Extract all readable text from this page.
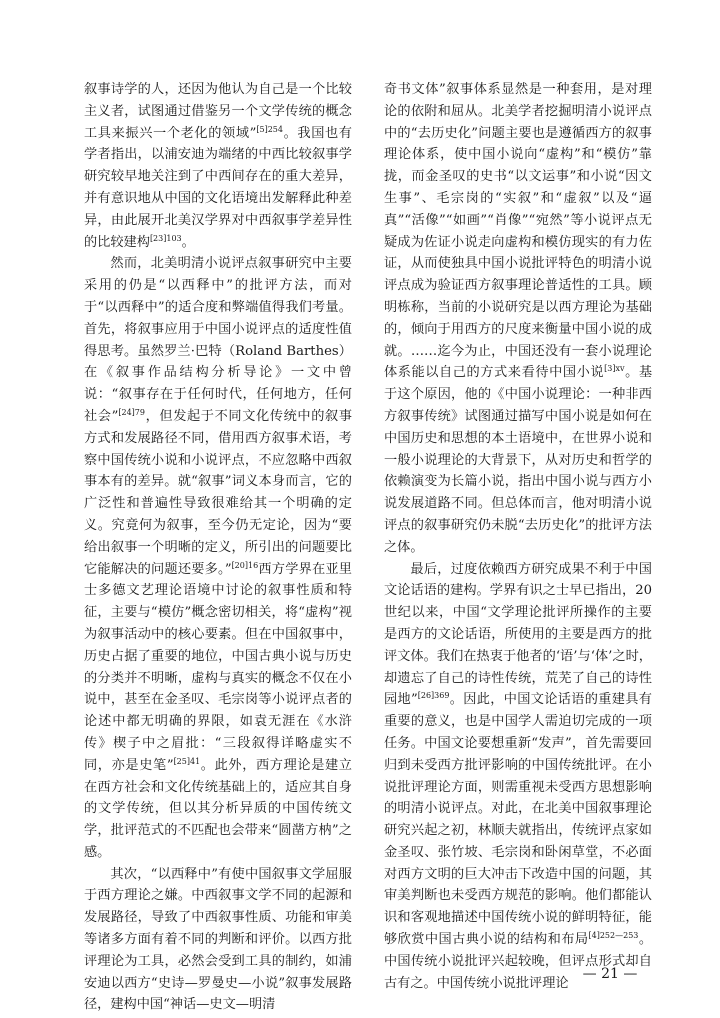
叙事诗学的人，还因为他认为自己是一个比较主义者，试图通过借鉴另一个文学传统的概念工具来振兴一个老化的领域”$^{[5]254}$。我国也有学者指出，以浦安迪为端绪的中西比较叙事学研究较早地关注到了中西间存在的重大差异，并有意识地从中国的文化语境出发解释此种差异，由此展开北美汉学界对中西叙事学差异性的比较建构$^{[23]103}$。

然而，北美明清小说评点叙事研究中主要采用的仍是“以西释中”的批评方法，而对于“以西释中”的适合度和弊端值得我们考量。首先，将叙事应用于中国小说评点的适度性值得思考。虽然罗兰·巴特（Roland Barthes）在《叙事作品结构分析导论》一文中曾说：“叙事存在于任何时代，任何地方，任何社会”$^{[24]79}$，但发起于不同文化传统中的叙事方式和发展路径不同，借用西方叙事术语，考察中国传统小说和小说评点，不应忽略中西叙事本有的差异。就“叙事”词义本身而言，它的广泛性和普遍性导致很难给其一个明确的定义。究竟何为叙事，至今仍无定论，因为“要给出叙事一个明晰的定义，所引出的问题要比它能解决的问题还要多。”$^{[20]16}$西方学界在亚里士多德文艺理论语境中讨论的叙事性质和特征，主要与“模仿”概念密切相关，将“虚构”视为叙事活动中的核心要素。但在中国叙事中，历史占据了重要的地位，中国古典小说与历史的分类并不明晰，虚构与真实的概念不仅在小说中，甚至在金圣叹、毛宗岗等小说评点者的论述中都无明确的界限，如袁无涯在《水浒传》楔子中之眉批：“三段叙得详略虚实不同，亦是史笔”$^{[25]41}$。此外，西方理论是建立在西方社会和文化传统基础上的，适应其自身的文学传统，但以其分析异质的中国传统文学，批评范式的不匹配也会带来“圆凿方枘”之感。

其次，“以西释中”有使中国叙事文学屈服于西方理论之嫌。中西叙事文学不同的起源和发展路径，导致了中西叙事性质、功能和审美等诸多方面有着不同的判断和评价。以西方批评理论为工具，必然会受到工具的制约，如浦安迪以西方“史诗—罗曼史—小说”叙事发展路径，建构中国“神话—史文—明清

奇书文体”叙事体系显然是一种套用，是对理论的依附和屈从。北美学者挖掘明清小说评点中的“去历史化”问题主要也是遵循西方的叙事理论体系，使中国小说向“虚构”和“模仿”靠拢，而金圣叹的史书“以文运事”和小说“因文生事”、毛宗岗的“实叙”和“虚叙”以及“逼真”“活像”“如画”“肖像”“宛然”等小说评点无疑成为佐证小说走向虚构和模仿现实的有力佐证，从而使独具中国小说批评特色的明清小说评点成为验证西方叙事理论普适性的工具。顾明栋称，当前的小说研究是以西方理论为基础的，倾向于用西方的尺度来衡量中国小说的成就。……迄今为止，中国还没有一套小说理论体系能以自己的方式来看待中国小说$^{[3]xv}$。基于这个原因，他的《中国小说理论：一种非西方叙事传统》试图通过描写中国小说是如何在中国历史和思想的本土语境中，在世界小说和一般小说理论的大背景下，从对历史和哲学的依赖演变为长篇小说，指出中国小说与西方小说发展道路不同。但总体而言，他对明清小说评点的叙事研究仍未脱“去历史化”的批评方法之体。

最后，过度依赖西方研究成果不利于中国文论话语的建构。学界有识之士早已指出，20世纪以来，中国“文学理论批评所操作的主要是西方的文论话语，所使用的主要是西方的批评文体。我们在热衷于他者的‘语’与‘体’之时，却遗忘了自己的诗性传统，荒芜了自己的诗性园地”$^{[26]369}$。因此，中国文论话语的重建具有重要的意义，也是中国学人需迫切完成的一项任务。中国文论要想重新“发声”，首先需要回归到未受西方批评影响的中国传统批评。在小说批评理论方面，则需重视未受西方思想影响的明清小说评点。对此，在北美中国叙事理论研究兴起之初，林顺夫就指出，传统评点家如金圣叹、张竹坡、毛宗岗和卧闲草堂，不必面对西方文明的巨大冲击下改造中国的问题，其审美判断也未受西方规范的影响。他们都能认识和客观地描述中国传统小说的鲜明特征，能够欣赏中国古典小说的结构和布局$^{[4]252—253}$。中国传统小说批评兴起较晚，但评点形式却自古有之。中国传统小说批评理论

— 21 —
